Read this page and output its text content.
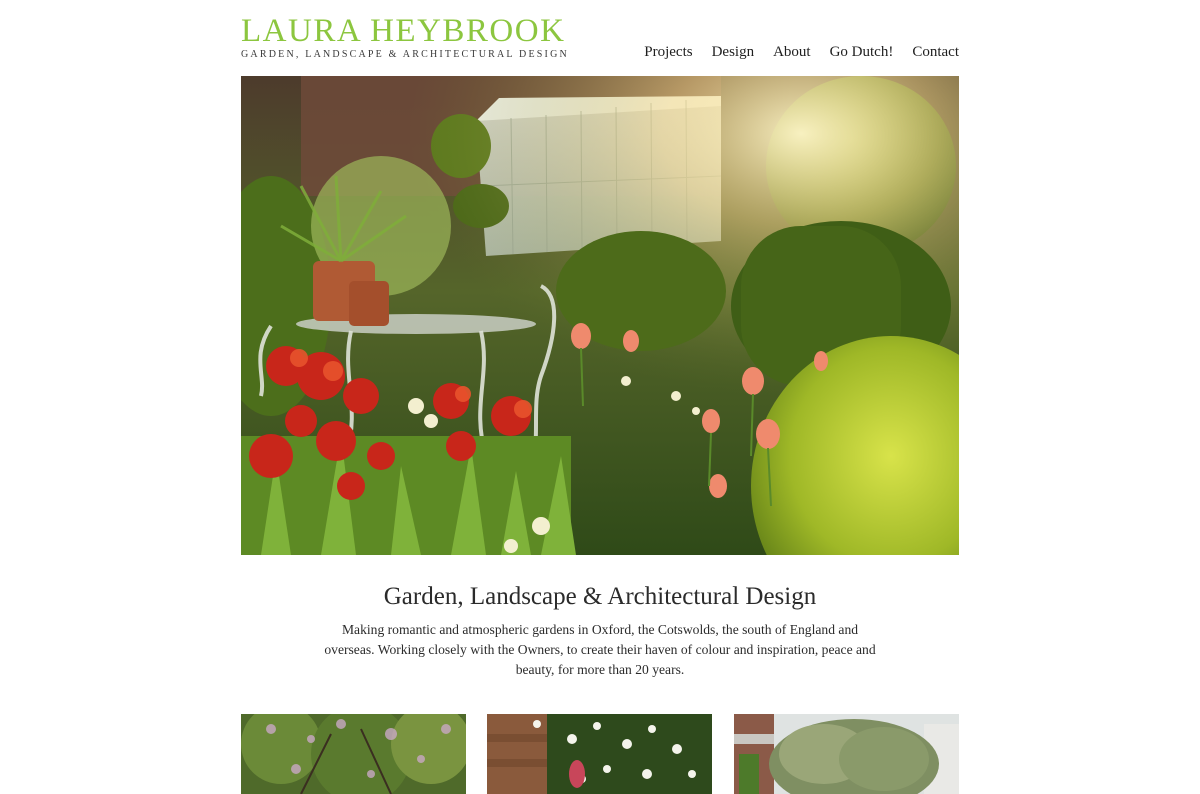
LAURA HEYBROOK
GARDEN, LANDSCAPE & ARCHITECTURAL DESIGN	Projects Design About Go Dutch! Contact
Garden, Landscape & Architectural Design

Making romantic and atmospheric gardens in Oxford, the Cotswolds, the south of England and overseas. Working closely with the Owners, to create their haven of colour and inspiration, peace and beauty, for more than 20 years.
